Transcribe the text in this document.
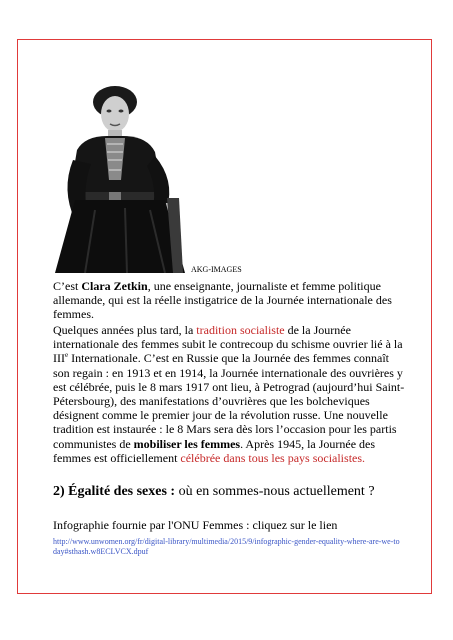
AKG-IMAGES

C’est Clara Zetkin, une enseignante, journaliste et femme politique allemande, qui est la réelle instigatrice de la Journée internationale des femmes.

Quelques années plus tard, la tradition socialiste de la Journée internationale des femmes subit le contrecoup du schisme ouvrier lié à la IIIe Internationale. C’est en Russie que la Journée des femmes connaît son regain : en 1913 et en 1914, la Journée internationale des ouvrières y est célébrée, puis le 8 mars 1917 ont lieu, à Petrograd (aujourd’hui Saint-Pétersbourg), des manifestations d’ouvrières que les bolcheviques désignent comme le premier jour de la révolution russe. Une nouvelle tradition est instaurée : le 8 Mars sera dès lors l’occasion pour les partis communistes de mobiliser les femmes. Après 1945, la Journée des femmes est officiellement célébrée dans tous les pays socialistes.

2) Égalité des sexes : où en sommes-nous actuellement ?
Infographie fournie par l'ONU Femmes : cliquez sur le lien
http://www.unwomen.org/fr/digital-library/multimedia/2015/9/infographic-gender-equality-where-are-we-today#sthash.w8ECLVCX.dpuf
